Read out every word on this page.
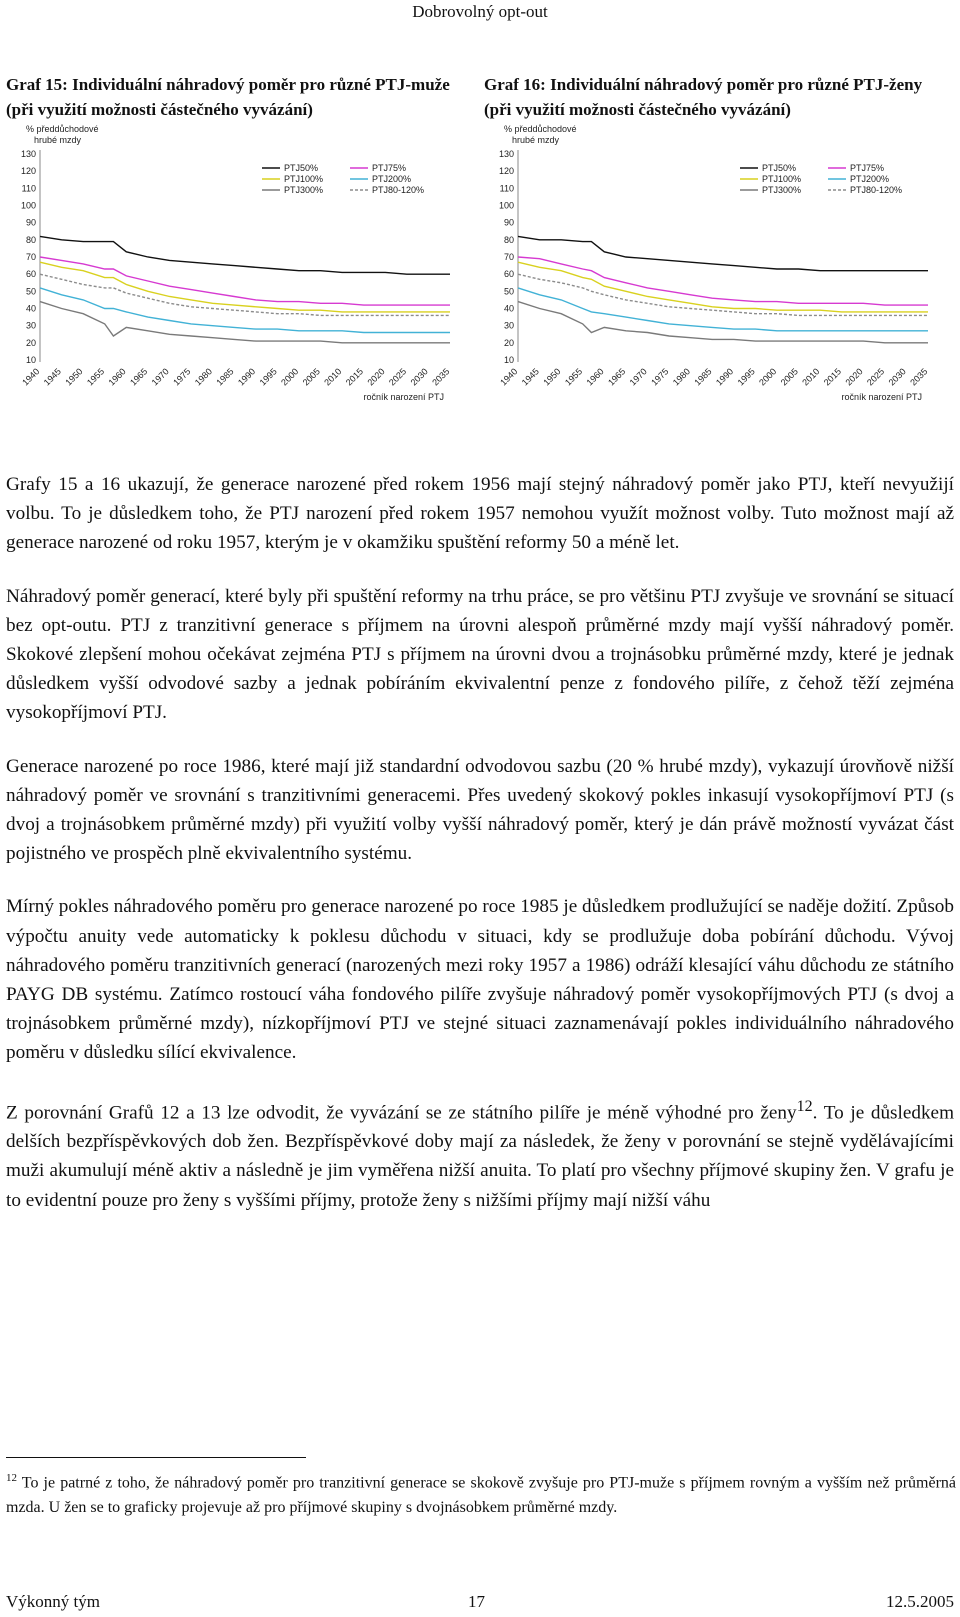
Dobrovolný opt-out
Graf 15: Individuální náhradový poměr pro různé PTJ-muže (při využití možnosti částečného vyvázání)
% předdůchodové
hrubé mzdy
130
120
110
100
90
80
70
60
50
40
30
20
10
1940 1945 1950 1955 1960 1965 1970 1975 1980 1985 1990 1995 2000 2005 2010 2015 2020 2025 2030 2035
ročník narození PTJ
PTJ50%	PTJ75%
PTJ100%	PTJ200%
PTJ300%	PTJ80-120%
Graf 16: Individuální náhradový poměr pro různé PTJ-ženy (při využití možnosti částečného vyvázání)
% předdůchodové
hrubé mzdy
130
120
110
100
90
80
70
60
50
40
30
20
10
1940 1945 1950 1955 1960 1965 1970 1975 1980 1985 1990 1995 2000 2005 2010 2015 2020 2025 2030 2035
ročník narození PTJ
PTJ50%	PTJ75%
PTJ100%	PTJ200%
PTJ300%	PTJ80-120%

Grafy 15 a 16 ukazují, že generace narozené před rokem 1956 mají stejný náhradový poměr jako PTJ, kteří nevyužijí volbu. To je důsledkem toho, že PTJ narození před rokem 1957 nemohou využít možnost volby. Tuto možnost mají až generace narozené od roku 1957, kterým je v okamžiku spuštění reformy 50 a méně let.

Náhradový poměr generací, které byly při spuštění reformy na trhu práce, se pro většinu PTJ zvyšuje ve srovnání se situací bez opt-outu. PTJ z tranzitivní generace s příjmem na úrovni alespoň průměrné mzdy mají vyšší náhradový poměr. Skokové zlepšení mohou očekávat zejména PTJ s příjmem na úrovni dvou a trojnásobku průměrné mzdy, které je jednak důsledkem vyšší odvodové sazby a jednak pobíráním ekvivalentní penze z fondového pilíře, z čehož těží zejména vysokopříjmoví PTJ.

Generace narozené po roce 1986, které mají již standardní odvodovou sazbu (20 % hrubé mzdy), vykazují úrovňově nižší náhradový poměr ve srovnání s tranzitivními generacemi. Přes uvedený skokový pokles inkasují vysokopříjmoví PTJ (s dvoj a trojnásobkem průměrné mzdy) při využití volby vyšší náhradový poměr, který je dán právě možností vyvázat část pojistného ve prospěch plně ekvivalentního systému.

Mírný pokles náhradového poměru pro generace narozené po roce 1985 je důsledkem prodlužující se naděje dožití. Způsob výpočtu anuity vede automaticky k poklesu důchodu v situaci, kdy se prodlužuje doba pobírání důchodu. Vývoj náhradového poměru tranzitivních generací (narozených mezi roky 1957 a 1986) odráží klesající váhu důchodu ze státního PAYG DB systému. Zatímco rostoucí váha fondového pilíře zvyšuje náhradový poměr vysokopříjmových PTJ (s dvoj a trojnásobkem průměrné mzdy), nízkopříjmoví PTJ ve stejné situaci zaznamenávají pokles individuálního náhradového poměru v důsledku sílící ekvivalence.

Z porovnání Grafů 12 a 13 lze odvodit, že vyvázání se ze státního pilíře je méně výhodné pro ženy$^{12}$. To je důsledkem delších bezpříspěvkových dob žen. Bezpříspěvkové doby mají za následek, že ženy v porovnání se stejně vydělávajícími muži akumulují méně aktiv a následně je jim vyměřena nižší anuita. To platí pro všechny příjmové skupiny žen. V grafu je to evidentní pouze pro ženy s vyššími příjmy, protože ženy s nižšími příjmy mají nižší váhu

$^{12}$ To je patrné z toho, že náhradový poměr pro tranzitivní generace se skokově zvyšuje pro PTJ-muže s příjmem rovným a vyšším než průměrná mzda. U žen se to graficky projevuje až pro příjmové skupiny s dvojnásobkem průměrné mzdy.
Výkonný tým	17	12.5.2005
